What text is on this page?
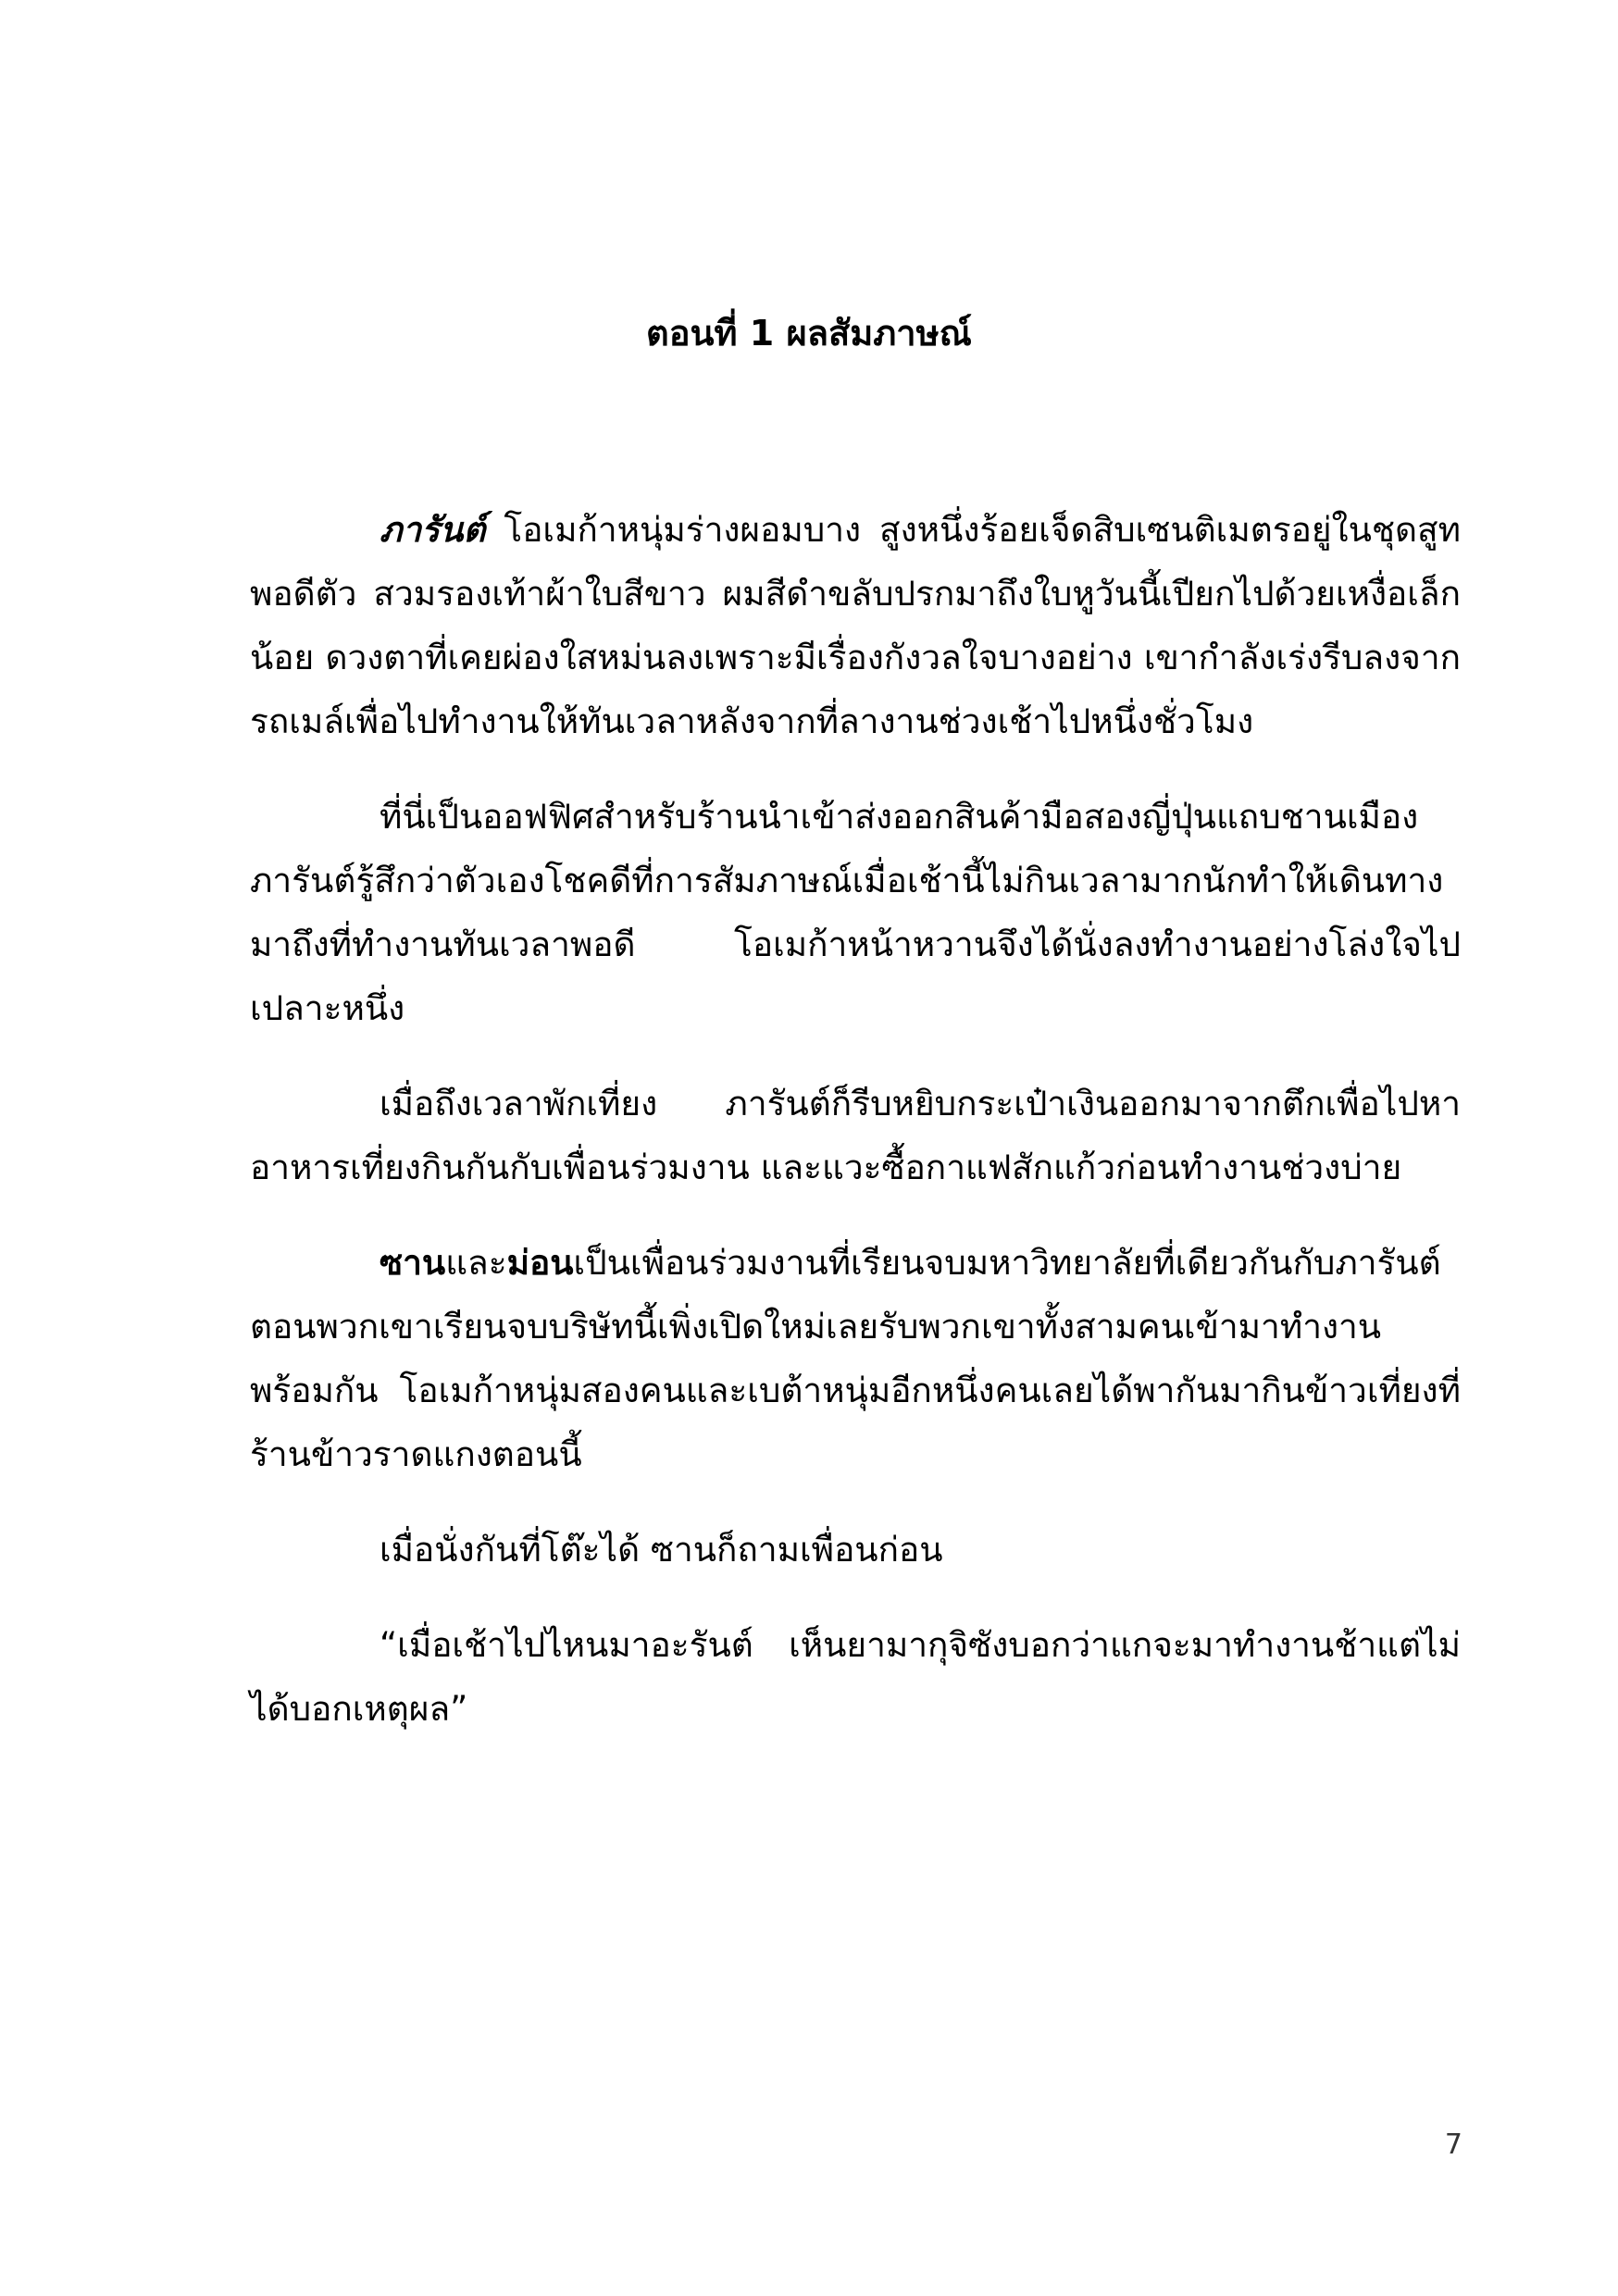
ตอนที่ 1 ผลสัมภาษณ์

ภารันต์ โอเมก้าหนุ่มร่างผอมบาง สูงหนึ่งร้อยเจ็ดสิบเซนติเมตรอยู่ในชุดสูทพอดีตัว สวมรองเท้าผ้าใบสีขาว ผมสีดำขลับปรกมาถึงใบหูวันนี้เปียกไปด้วยเหงื่อเล็กน้อย ดวงตาที่เคยผ่องใสหม่นลงเพราะมีเรื่องกังวลใจบางอย่าง เขากำลังเร่งรีบลงจากรถเมล์เพื่อไปทำงานให้ทันเวลาหลังจากที่ลางานช่วงเช้าไปหนึ่งชั่วโมง

ที่นี่เป็นออฟฟิศสำหรับร้านนำเข้าส่งออกสินค้ามือสองญี่ปุ่นแถบชานเมือง ภารันต์รู้สึกว่าตัวเองโชคดีที่การสัมภาษณ์เมื่อเช้านี้ไม่กินเวลามากนักทำให้เดินทางมาถึงที่ทำงานทันเวลาพอดี โอเมก้าหน้าหวานจึงได้นั่งลงทำงานอย่างโล่งใจไปเปลาะหนึ่ง

เมื่อถึงเวลาพักเที่ยง ภารันต์ก็รีบหยิบกระเป๋าเงินออกมาจากตึกเพื่อไปหาอาหารเที่ยงกินกันกับเพื่อนร่วมงาน และแวะซื้อกาแฟสักแก้วก่อนทำงานช่วงบ่าย

ซานและม่อนเป็นเพื่อนร่วมงานที่เรียนจบมหาวิทยาลัยที่เดียวกันกับภารันต์ ตอนพวกเขาเรียนจบบริษัทนี้เพิ่งเปิดใหม่เลยรับพวกเขาทั้งสามคนเข้ามาทำงานพร้อมกัน โอเมก้าหนุ่มสองคนและเบต้าหนุ่มอีกหนึ่งคนเลยได้พากันมากินข้าวเที่ยงที่ร้านข้าวราดแกงตอนนี้

เมื่อนั่งกันที่โต๊ะได้ ซานก็ถามเพื่อนก่อน

“เมื่อเช้าไปไหนมาอะรันต์ เห็นยามากุจิซังบอกว่าแกจะมาทำงานช้าแต่ไม่ได้บอกเหตุผล”

7
